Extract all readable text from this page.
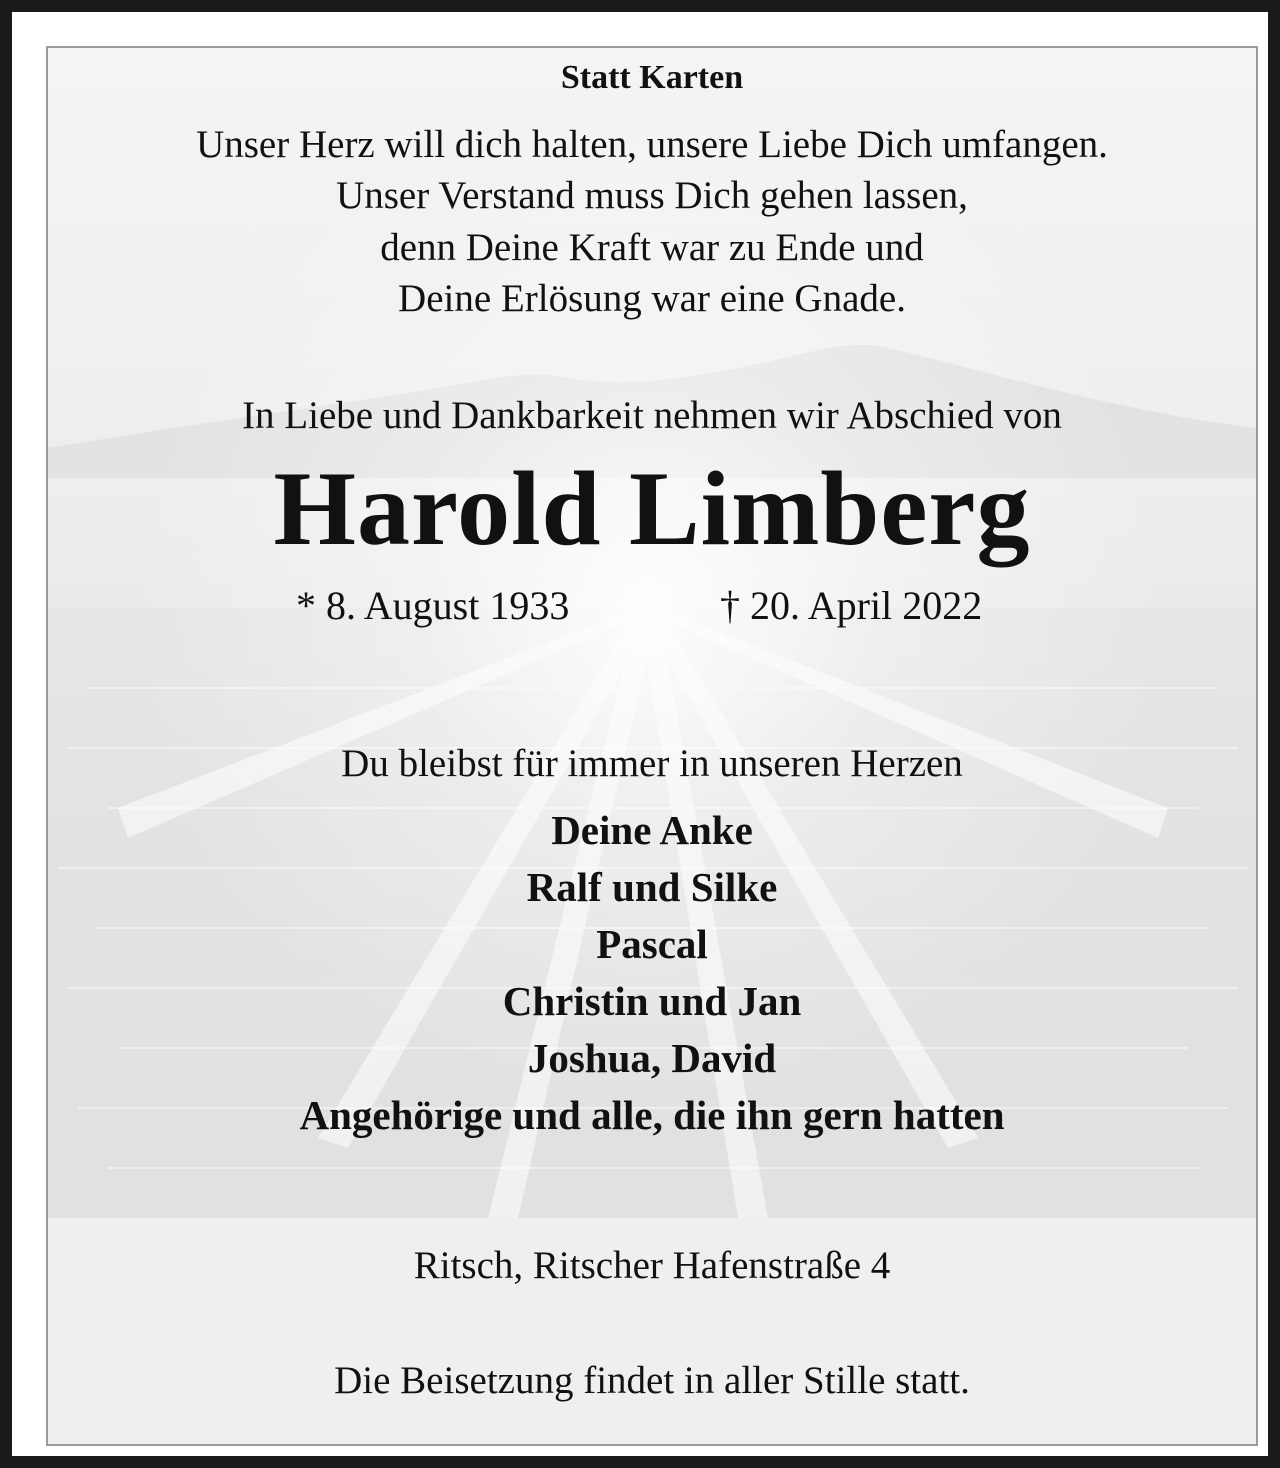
Statt Karten
Unser Herz will dich halten, unsere Liebe Dich umfangen.
Unser Verstand muss Dich gehen lassen,
denn Deine Kraft war zu Ende und
Deine Erlösung war eine Gnade.
In Liebe und Dankbarkeit nehmen wir Abschied von
Harold Limberg
* 8. August 1933	† 20. April 2022
Du bleibst für immer in unseren Herzen
Deine Anke
Ralf und Silke
Pascal
Christin und Jan
Joshua, David
Angehörige und alle, die ihn gern hatten
Ritsch, Ritscher Hafenstraße 4
Die Beisetzung findet in aller Stille statt.
